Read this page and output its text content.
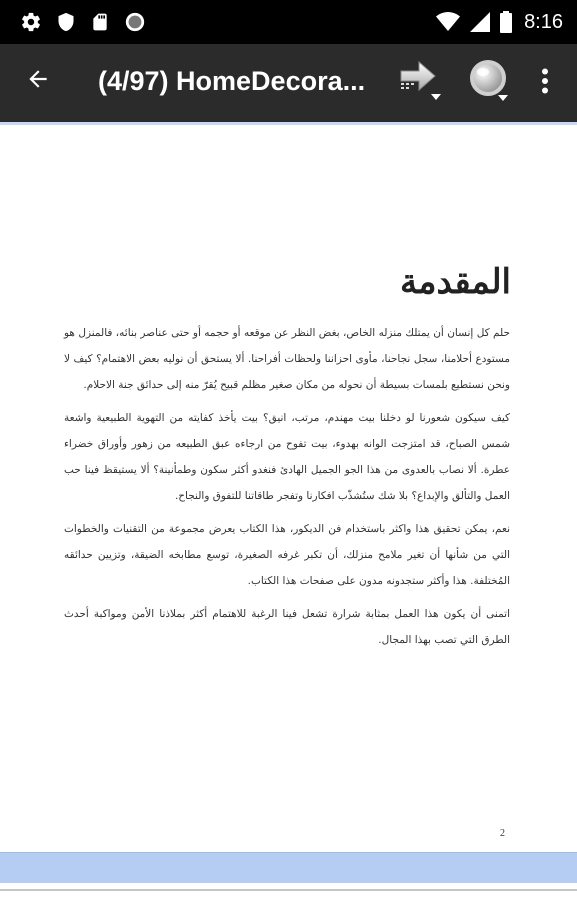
8:16
(4/97) HomeDecora...
المقدمة

حلم كل إنسان أن يمتلك منزله الخاص، بغض النظر عن موقعه أو حجمه أو حتى عناصر بنائه، فالمنزل هو مستودع أحلامنا، سجل نجاحنا، مأوى احزاننا ولحظات أفراحنا. ألا يستحق أن نوليه بعض الاهتمام؟ كيف لا ونحن نستطيع بلمسات بسيطة أن نحوله من مكان صغير مظلم قبيح يُقرّ منه إلى حدائق جنة الاحلام.

كيف سيكون شعورنا لو دخلنا بيت مهندم، مرتب، انيق؟ بيت يأخذ كفايته من التهوية الطبيعية واشعة شمس الصباح، قد امتزجت الوانه بهدوء، بيت تفوح من ارجاءه عبق الطبيعه من زهور وأوراق خضراء عطرة. ألا نصاب بالعدوى من هذا الجو الجميل الهادئ فنغدو أكثر سكون وطمأنينة؟ ألا يستيقظ فينا حب العمل والتألق والإبداع؟ بلا شك ستُشذّب افكارنا وتفجر طاقاتنا للتفوق والنجاح.

نعم، يمكن تحقيق هذا واكثر باستخدام فن الديكور، هذا الكتاب يعرض مجموعة من التقنيات والخطوات التي من شأنها أن تغير ملامح منزلك، أن تكبر غرفه الصغيرة، توسع مطابخه الضيقة، وتزيين حدائقه المُختلفة. هذا وأكثر ستجدونه مدون على صفحات هذا الكتاب.

اتمنى أن يكون هذا العمل بمثابة شرارة تشعل فينا الرغبة للاهتمام أكثر بملاذنا الأمن ومواكبة أحدث الطرق التي تصب بهذا المجال.

2
